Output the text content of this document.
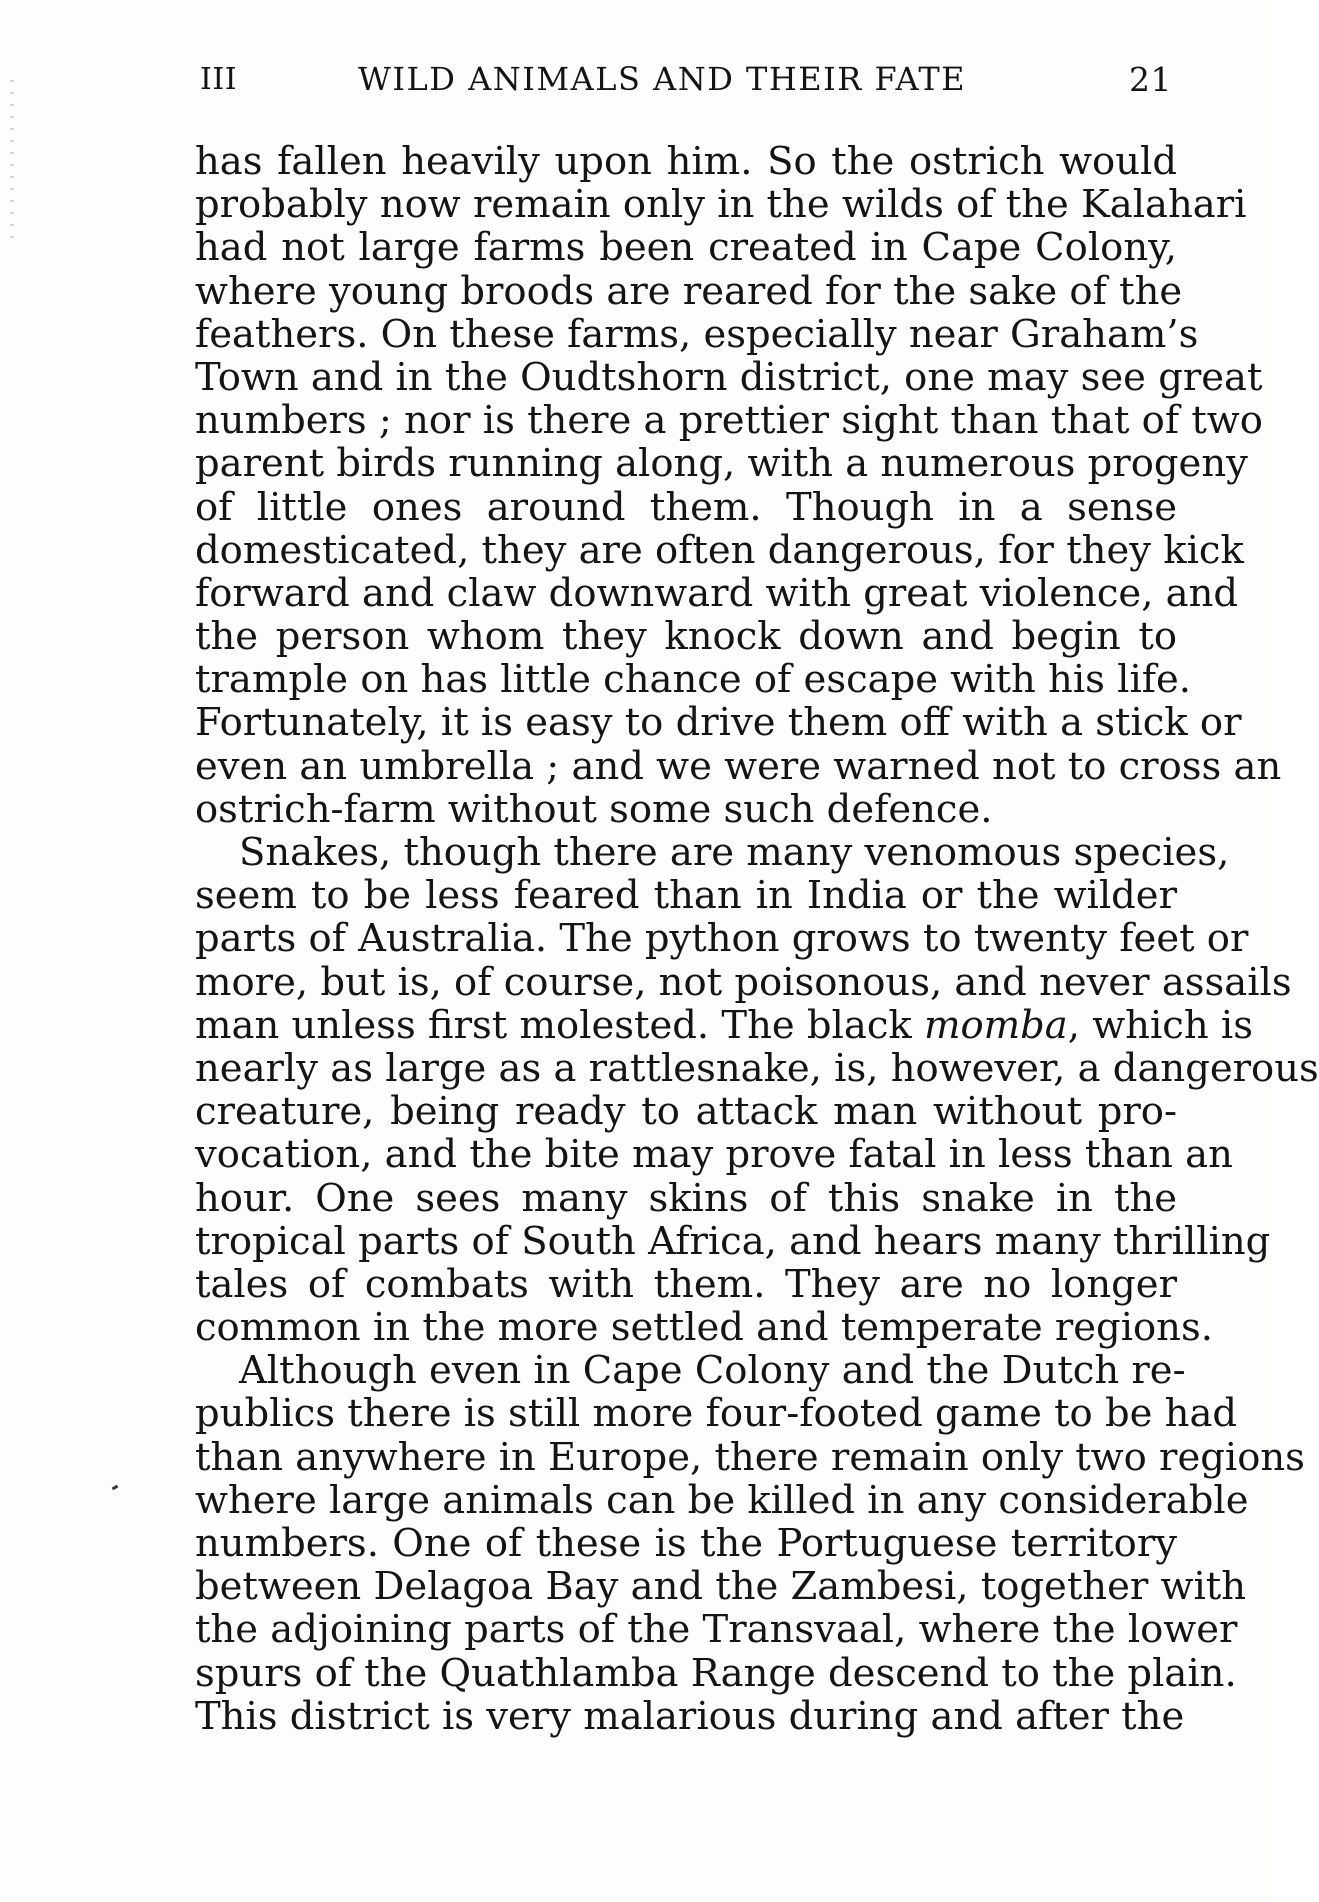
III	WILD ANIMALS AND THEIR FATE	21

has fallen heavily upon him. So the ostrich would
probably now remain only in the wilds of the Kalahari
had not large farms been created in Cape Colony,
where young broods are reared for the sake of the
feathers. On these farms, especially near Graham’s
Town and in the Oudtshorn district, one may see great
numbers ; nor is there a prettier sight than that of two
parent birds running along, with a numerous progeny
of little ones around them. Though in a sense
domesticated, they are often dangerous, for they kick
forward and claw downward with great violence, and
the person whom they knock down and begin to
trample on has little chance of escape with his life.
Fortunately, it is easy to drive them off with a stick or
even an umbrella ; and we were warned not to cross an
ostrich-farm without some such defence.

Snakes, though there are many venomous species,
seem to be less feared than in India or the wilder
parts of Australia. The python grows to twenty feet or
more, but is, of course, not poisonous, and never assails
man unless first molested. The black momba, which is
nearly as large as a rattlesnake, is, however, a dangerous
creature, being ready to attack man without pro-
vocation, and the bite may prove fatal in less than an
hour. One sees many skins of this snake in the
tropical parts of South Africa, and hears many thrilling
tales of combats with them. They are no longer
common in the more settled and temperate regions.

Although even in Cape Colony and the Dutch re-
publics there is still more four-footed game to be had
than anywhere in Europe, there remain only two regions
where large animals can be killed in any considerable
numbers. One of these is the Portuguese territory
between Delagoa Bay and the Zambesi, together with
the adjoining parts of the Transvaal, where the lower
spurs of the Quathlamba Range descend to the plain.
This district is very malarious during and after the
